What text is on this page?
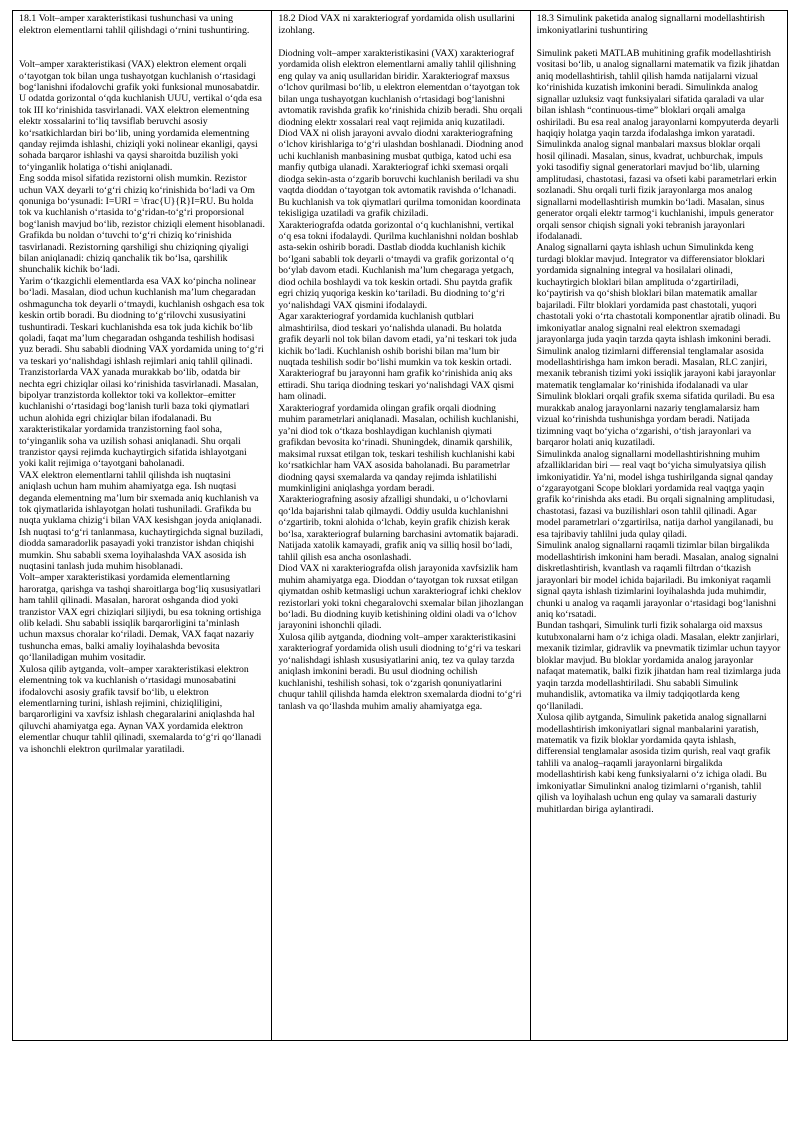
18.1 Volt–amper xarakteristikasi tushunchasi va uning elektron elementlarni tahlil qilishdagi o‘rnini tushuntiring.

Volt–amper xarakteristikasi (VAX) elektron element orqali o‘tayotgan tok bilan unga tushayotgan kuchlanish o‘rtasidagi bog‘lanishni ifodalovchi grafik yoki funksional munosabatdir. U odatda gorizontal o‘qda kuchlanish UUU, vertikal o‘qda esa tok III ko‘rinishida tasvirlanadi. VAX elektron elementning elektr xossalarini to‘liq tavsiflab beruvchi asosiy ko‘rsatkichlardan biri bo‘lib, uning yordamida elementning qanday rejimda ishlashi, chiziqli yoki nolinear ekanligi, qaysi sohada barqaror ishlashi va qaysi sharoitda buzilish yoki to‘yinganlik holatiga o‘tishi aniqlanadi.

Eng sodda misol sifatida rezistorni olish mumkin. Rezistor uchun VAX deyarli to‘g‘ri chiziq ko‘rinishida bo‘ladi va Om qonuniga bo‘ysunadi: I=URI = \frac{U}{R}I=RU. Bu holda tok va kuchlanish o‘rtasida to‘g‘ridan-to‘g‘ri proporsional bog‘lanish mavjud bo‘lib, rezistor chiziqli element hisoblanadi. Grafikda bu noldan o‘tuvchi to‘g‘ri chiziq ko‘rinishida tasvirlanadi. Rezistorning qarshiligi shu chiziqning qiyaligi bilan aniqlanadi: chiziq qanchalik tik bo‘lsa, qarshilik shunchalik kichik bo‘ladi.

Yarim o‘tkazgichli elementlarda esa VAX ko‘pincha nolinear bo‘ladi. Masalan, diod uchun kuchlanish ma’lum chegaradan oshmaguncha tok deyarli o‘tmaydi, kuchlanish oshgach esa tok keskin ortib boradi. Bu diodning to‘g‘rilovchi xususiyatini tushuntiradi. Teskari kuchlanishda esa tok juda kichik bo‘lib qoladi, faqat ma’lum chegaradan oshganda teshilish hodisasi yuz beradi. Shu sababli diodning VAX yordamida uning to‘g‘ri va teskari yo‘nalishdagi ishlash rejimlari aniq tahlil qilinadi.

Tranzistorlarda VAX yanada murakkab bo‘lib, odatda bir nechta egri chiziqlar oilasi ko‘rinishida tasvirlanadi. Masalan, bipolyar tranzistorda kollektor toki va kollektor–emitter kuchlanishi o‘rtasidagi bog‘lanish turli baza toki qiymatlari uchun alohida egri chiziqlar bilan ifodalanadi. Bu xarakteristikalar yordamida tranzistorning faol soha, to‘yinganlik soha va uzilish sohasi aniqlanadi. Shu orqali tranzistor qaysi rejimda kuchaytirgich sifatida ishlayotgani yoki kalit rejimiga o‘tayotgani baholanadi.

VAX elektron elementlarni tahlil qilishda ish nuqtasini aniqlash uchun ham muhim ahamiyatga ega. Ish nuqtasi deganda elementning ma’lum bir sxemada aniq kuchlanish va tok qiymatlarida ishlayotgan holati tushuniladi. Grafikda bu nuqta yuklama chizig‘i bilan VAX kesishgan joyda aniqlanadi. Ish nuqtasi to‘g‘ri tanlanmasa, kuchaytirgichda signal buziladi, diodda samaradorlik pasayadi yoki tranzistor ishdan chiqishi mumkin. Shu sababli sxema loyihalashda VAX asosida ish nuqtasini tanlash juda muhim hisoblanadi.

Volt–amper xarakteristikasi yordamida elementlarning haroratga, qarishga va tashqi sharoitlarga bog‘liq xususiyatlari ham tahlil qilinadi. Masalan, harorat oshganda diod yoki tranzistor VAX egri chiziqlari siljiydi, bu esa tokning ortishiga olib keladi. Shu sababli issiqlik barqarorligini ta’minlash uchun maxsus choralar ko‘riladi. Demak, VAX faqat nazariy tushuncha emas, balki amaliy loyihalashda bevosita qo‘llaniladigan muhim vositadir.

Xulosa qilib aytganda, volt–amper xarakteristikasi elektron elementning tok va kuchlanish o‘rtasidagi munosabatini ifodalovchi asosiy grafik tavsif bo‘lib, u elektron elementlarning turini, ishlash rejimini, chiziqliligini, barqarorligini va xavfsiz ishlash chegaralarini aniqlashda hal qiluvchi ahamiyatga ega. Aynan VAX yordamida elektron elementlar chuqur tahlil qilinadi, sxemalarda to‘g‘ri qo‘llanadi va ishonchli elektron qurilmalar yaratiladi.

18.2 Diod VAX ni xarakteriograf yordamida olish usullarini izohlang.

Diodning volt–amper xarakteristikasini (VAX) xarakteriograf yordamida olish elektron elementlarni amaliy tahlil qilishning eng qulay va aniq usullaridan biridir. Xarakteriograf maxsus o‘lchov qurilmasi bo‘lib, u elektron elementdan o‘tayotgan tok bilan unga tushayotgan kuchlanish o‘rtasidagi bog‘lanishni avtomatik ravishda grafik ko‘rinishida chizib beradi. Shu orqali diodning elektr xossalari real vaqt rejimida aniq kuzatiladi.

Diod VAX ni olish jarayoni avvalo diodni xarakteriografning o‘lchov kirishlariga to‘g‘ri ulashdan boshlanadi. Diodning anod uchi kuchlanish manbasining musbat qutbiga, katod uchi esa manfiy qutbiga ulanadi. Xarakteriograf ichki sxemasi orqali diodga sekin-asta o‘zgarib boruvchi kuchlanish beriladi va shu vaqtda dioddan o‘tayotgan tok avtomatik ravishda o‘lchanadi. Bu kuchlanish va tok qiymatlari qurilma tomonidan koordinata tekisligiga uzatiladi va grafik chiziladi.

Xarakteriografda odatda gorizontal o‘q kuchlanishni, vertikal o‘q esa tokni ifodalaydi. Qurilma kuchlanishni noldan boshlab asta-sekin oshirib boradi. Dastlab diodda kuchlanish kichik bo‘lgani sababli tok deyarli o‘tmaydi va grafik gorizontal o‘q bo‘ylab davom etadi. Kuchlanish ma’lum chegaraga yetgach, diod ochila boshlaydi va tok keskin ortadi. Shu paytda grafik egri chiziq yuqoriga keskin ko‘tariladi. Bu diodning to‘g‘ri yo‘nalishdagi VAX qismini ifodalaydi.

Agar xarakteriograf yordamida kuchlanish qutblari almashtirilsa, diod teskari yo‘nalishda ulanadi. Bu holatda grafik deyarli nol tok bilan davom etadi, ya’ni teskari tok juda kichik bo‘ladi. Kuchlanish oshib borishi bilan ma’lum bir nuqtada teshilish sodir bo‘lishi mumkin va tok keskin ortadi. Xarakteriograf bu jarayonni ham grafik ko‘rinishida aniq aks ettiradi. Shu tariqa diodning teskari yo‘nalishdagi VAX qismi ham olinadi.

Xarakteriograf yordamida olingan grafik orqali diodning muhim parametrlari aniqlanadi. Masalan, ochilish kuchlanishi, ya’ni diod tok o‘tkaza boshlaydigan kuchlanish qiymati grafikdan bevosita ko‘rinadi. Shuningdek, dinamik qarshilik, maksimal ruxsat etilgan tok, teskari teshilish kuchlanishi kabi ko‘rsatkichlar ham VAX asosida baholanadi. Bu parametrlar diodning qaysi sxemalarda va qanday rejimda ishlatilishi mumkinligini aniqlashga yordam beradi.

Xarakteriografning asosiy afzalligi shundaki, u o‘lchovlarni qo‘lda bajarishni talab qilmaydi. Oddiy usulda kuchlanishni o‘zgartirib, tokni alohida o‘lchab, keyin grafik chizish kerak bo‘lsa, xarakteriograf bularning barchasini avtomatik bajaradi. Natijada xatolik kamayadi, grafik aniq va silliq hosil bo‘ladi, tahlil qilish esa ancha osonlashadi.

Diod VAX ni xarakteriografda olish jarayonida xavfsizlik ham muhim ahamiyatga ega. Dioddan o‘tayotgan tok ruxsat etilgan qiymatdan oshib ketmasligi uchun xarakteriograf ichki cheklov rezistorlari yoki tokni chegaralovchi sxemalar bilan jihozlangan bo‘ladi. Bu diodning kuyib ketishining oldini oladi va o‘lchov jarayonini ishonchli qiladi.

Xulosa qilib aytganda, diodning volt–amper xarakteristikasini xarakteriograf yordamida olish usuli diodning to‘g‘ri va teskari yo‘nalishdagi ishlash xususiyatlarini aniq, tez va qulay tarzda aniqlash imkonini beradi. Bu usul diodning ochilish kuchlanishi, teshilish sohasi, tok o‘zgarish qonuniyatlarini chuqur tahlil qilishda hamda elektron sxemalarda diodni to‘g‘ri tanlash va qo‘llashda muhim amaliy ahamiyatga ega.

18.3 Simulink paketida analog signallarni modellashtirish imkoniyatlarini tushuntiring

Simulink paketi MATLAB muhitining grafik modellashtirish vositasi bo‘lib, u analog signallarni matematik va fizik jihatdan aniq modellashtirish, tahlil qilish hamda natijalarni vizual ko‘rinishida kuzatish imkonini beradi. Simulinkda analog signallar uzluksiz vaqt funksiyalari sifatida qaraladi va ular bilan ishlash “continuous-time” bloklari orqali amalga oshiriladi. Bu esa real analog jarayonlarni kompyuterda deyarli haqiqiy holatga yaqin tarzda ifodalashga imkon yaratadi.

Simulinkda analog signal manbalari maxsus bloklar orqali hosil qilinadi. Masalan, sinus, kvadrat, uchburchak, impuls yoki tasodifiy signal generatorlari mavjud bo‘lib, ularning amplitudasi, chastotasi, fazasi va ofseti kabi parametrlari erkin sozlanadi. Shu orqali turli fizik jarayonlarga mos analog signallarni modellashtirish mumkin bo‘ladi. Masalan, sinus generator orqali elektr tarmog‘i kuchlanishi, impuls generator orqali sensor chiqish signali yoki tebranish jarayonlari ifodalanadi.

Analog signallarni qayta ishlash uchun Simulinkda keng turdagi bloklar mavjud. Integrator va differensiator bloklari yordamida signalning integral va hosilalari olinadi, kuchaytirgich bloklari bilan amplituda o‘zgartiriladi, ko‘paytirish va qo‘shish bloklari bilan matematik amallar bajariladi. Filtr bloklari yordamida past chastotali, yuqori chastotali yoki o‘rta chastotali komponentlar ajratib olinadi. Bu imkoniyatlar analog signalni real elektron sxemadagi jarayonlarga juda yaqin tarzda qayta ishlash imkonini beradi.

Simulink analog tizimlarni differensial tenglamalar asosida modellashtirishga ham imkon beradi. Masalan, RLC zanjiri, mexanik tebranish tizimi yoki issiqlik jarayoni kabi jarayonlar matematik tenglamalar ko‘rinishida ifodalanadi va ular Simulink bloklari orqali grafik sxema sifatida quriladi. Bu esa murakkab analog jarayonlarni nazariy tenglamalarsiz ham vizual ko‘rinishda tushunishga yordam beradi. Natijada tizimning vaqt bo‘yicha o‘zgarishi, o‘tish jarayonlari va barqaror holati aniq kuzatiladi.

Simulinkda analog signallarni modellashtirishning muhim afzalliklaridan biri — real vaqt bo‘yicha simulyatsiya qilish imkoniyatidir. Ya’ni, model ishga tushirilganda signal qanday o‘zgarayotgani Scope bloklari yordamida real vaqtga yaqin grafik ko‘rinishda aks etadi. Bu orqali signalning amplitudasi, chastotasi, fazasi va buzilishlari oson tahlil qilinadi. Agar model parametrlari o‘zgartirilsa, natija darhol yangilanadi, bu esa tajribaviy tahlilni juda qulay qiladi.

Simulink analog signallarni raqamli tizimlar bilan birgalikda modellashtirish imkonini ham beradi. Masalan, analog signalni diskretlashtirish, kvantlash va raqamli filtrdan o‘tkazish jarayonlari bir model ichida bajariladi. Bu imkoniyat raqamli signal qayta ishlash tizimlarini loyihalashda juda muhimdir, chunki u analog va raqamli jarayonlar o‘rtasidagi bog‘lanishni aniq ko‘rsatadi.

Bundan tashqari, Simulink turli fizik sohalarga oid maxsus kutubxonalarni ham o‘z ichiga oladi. Masalan, elektr zanjirlari, mexanik tizimlar, gidravlik va pnevmatik tizimlar uchun tayyor bloklar mavjud. Bu bloklar yordamida analog jarayonlar nafaqat matematik, balki fizik jihatdan ham real tizimlarga juda yaqin tarzda modellashtiriladi. Shu sababli Simulink muhandislik, avtomatika va ilmiy tadqiqotlarda keng qo‘llaniladi.

Xulosa qilib aytganda, Simulink paketida analog signallarni modellashtirish imkoniyatlari signal manbalarini yaratish, matematik va fizik bloklar yordamida qayta ishlash, differensial tenglamalar asosida tizim qurish, real vaqt grafik tahlili va analog–raqamli jarayonlarni birgalikda modellashtirish kabi keng funksiyalarni o‘z ichiga oladi. Bu imkoniyatlar Simulinkni analog tizimlarni o‘rganish, tahlil qilish va loyihalash uchun eng qulay va samarali dasturiy muhitlardan biriga aylantiradi.
